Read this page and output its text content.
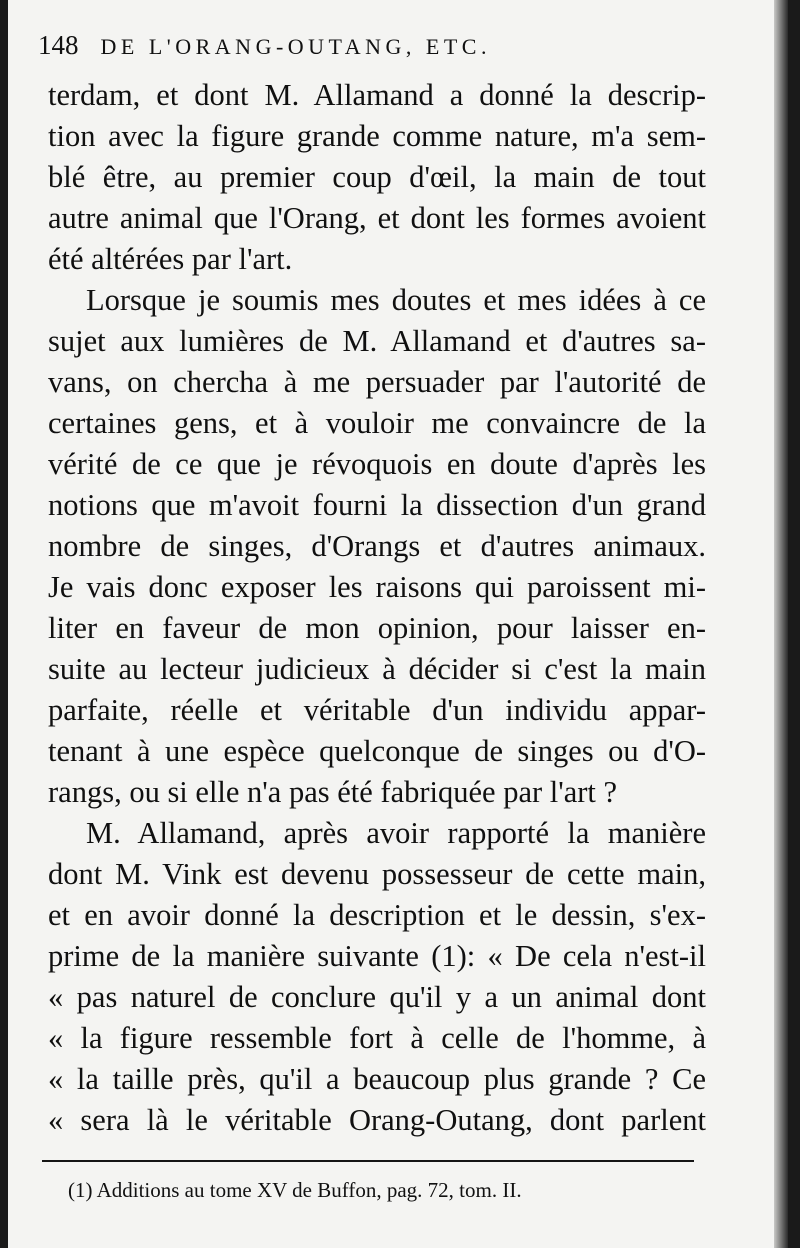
148 DE L'ORANG-OUTANG, ETC.
terdam, et dont M. Allamand a donné la descrip-
tion avec la figure grande comme nature, m'a sem-
blé être, au premier coup d'œil, la main de tout
autre animal que l'Orang, et dont les formes avoient
été altérées par l'art.
Lorsque je soumis mes doutes et mes idées à ce
sujet aux lumières de M. Allamand et d'autres sa-
vans, on chercha à me persuader par l'autorité de
certaines gens, et à vouloir me convaincre de la
vérité de ce que je révoquois en doute d'après les
notions que m'avoit fourni la dissection d'un grand
nombre de singes, d'Orangs et d'autres animaux.
Je vais donc exposer les raisons qui paroissent mi-
liter en faveur de mon opinion, pour laisser en-
suite au lecteur judicieux à décider si c'est la main
parfaite, réelle et véritable d'un individu appar-
tenant à une espèce quelconque de singes ou d'O-
rangs, ou si elle n'a pas été fabriquée par l'art ?
M. Allamand, après avoir rapporté la manière
dont M. Vink est devenu possesseur de cette main,
et en avoir donné la description et le dessin, s'ex-
prime de la manière suivante (1): « De cela n'est-il
« pas naturel de conclure qu'il y a un animal dont
« la figure ressemble fort à celle de l'homme, à
« la taille près, qu'il a beaucoup plus grande ? Ce
« sera là le véritable Orang-Outang, dont parlent
(1) Additions au tome XV de Buffon, pag. 72, tom. II.
